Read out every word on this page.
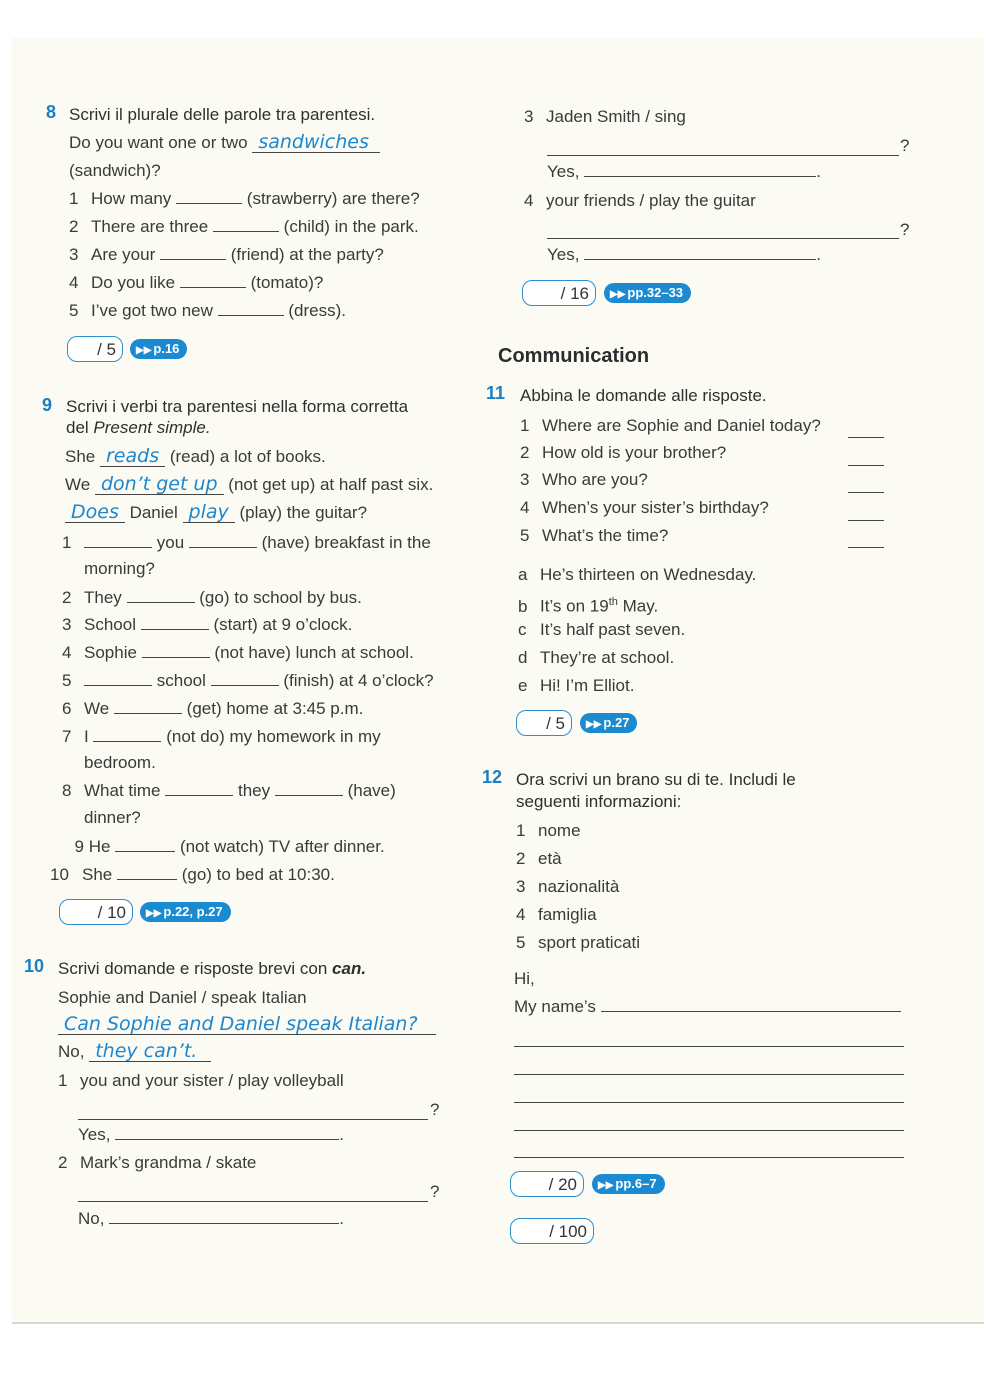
8 Scrivi il plurale delle parole tra parentesi.
Do you want one or two sandwiches
(sandwich)?
1 How many	(strawberry) are there?
2 There are three	(child) in the park.
3 Are your	(friend) at the party?
4 Do you like	(tomato)?
5 I’ve got two new	(dress).
/ 5	▶▶ p.16
9 Scrivi i verbi tra parentesi nella forma corretta
del Present simple.
She reads (read) a lot of books.
We don’t get up (not get up) at half past six.
Does Daniel play (play) the guitar?
1	you	(have) breakfast in the
morning?
2 They	(go) to school by bus.
3 School	(start) at 9 o’clock.
4 Sophie	(not have) lunch at school.
5	school	(finish) at 4 o’clock?
6 We	(get) home at 3:45 p.m.
7 I	(not do) my homework in my
bedroom.
8 What time	they	(have)
dinner?
9 He	(not watch) TV after dinner.
10 She	(go) to bed at 10:30.
/ 10	▶▶ p.22, p.27
10 Scrivi domande e risposte brevi con can.
Sophie and Daniel / speak Italian
Can Sophie and Daniel speak Italian?
No, they can’t.
1 you and your sister / play volleyball
?
Yes,	.
2 Mark’s grandma / skate
?
No,	.
3 Jaden Smith / sing
?
Yes,	.
4 your friends / play the guitar
?
Yes,	.
/ 16	▶▶ pp.32–33
Communication
11 Abbina le domande alle risposte.
1 Where are Sophie and Daniel today?
2 How old is your brother?
3 Who are you?
4 When’s your sister’s birthday?
5 What’s the time?
a He’s thirteen on Wednesday.
b It’s on 19th May.
c It’s half past seven.
d They’re at school.
e Hi! I’m Elliot.
/ 5	▶▶ p.27
12 Ora scrivi un brano su di te. Includi le
seguenti informazioni:
1 nome
2 età
3 nazionalità
4 famiglia
5 sport praticati
Hi,
My name’s
/ 20	▶▶ pp.6–7
/ 100
